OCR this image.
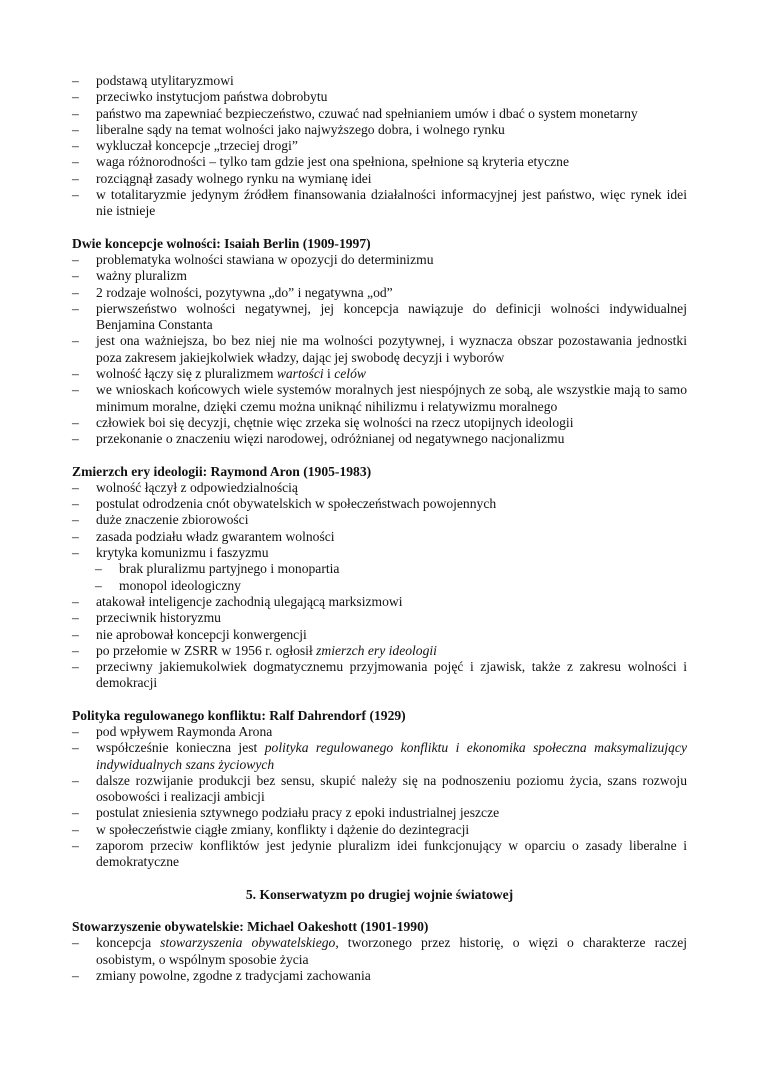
– podstawą utylitaryzmowi
– przeciwko instytucjom państwa dobrobytu
– państwo ma zapewniać bezpieczeństwo, czuwać nad spełnianiem umów i dbać o system monetarny
– liberalne sądy na temat wolności jako najwyższego dobra, i wolnego rynku
– wykluczał koncepcje „trzeciej drogi”
– waga różnorodności – tylko tam gdzie jest ona spełniona, spełnione są kryteria etyczne
– rozciągnął zasady wolnego rynku na wymianę idei
– w totalitaryzmie jedynym źródłem finansowania działalności informacyjnej jest państwo, więc rynek idei nie istnieje
Dwie koncepcje wolności: Isaiah Berlin (1909-1997)
– problematyka wolności stawiana w opozycji do determinizmu
– ważny pluralizm
– 2 rodzaje wolności, pozytywna „do” i negatywna „od”
– pierwszeństwo wolności negatywnej, jej koncepcja nawiązuje do definicji wolności indywidualnej Benjamina Constanta
– jest ona ważniejsza, bo bez niej nie ma wolności pozytywnej, i wyznacza obszar pozostawania jednostki poza zakresem jakiejkolwiek władzy, dając jej swobodę decyzji i wyborów
– wolność łączy się z pluralizmem wartości i celów
– we wnioskach końcowych wiele systemów moralnych jest niespójnych ze sobą, ale wszystkie mają to samo minimum moralne, dzięki czemu można uniknąć nihilizmu i relatywizmu moralnego
– człowiek boi się decyzji, chętnie więc zrzeka się wolności na rzecz utopijnych ideologii
– przekonanie o znaczeniu więzi narodowej, odróżnianej od negatywnego nacjonalizmu
Zmierzch ery ideologii: Raymond Aron (1905-1983)
– wolność łączył z odpowiedzialnością
– postulat odrodzenia cnót obywatelskich w społeczeństwach powojennych
– duże znaczenie zbiorowości
– zasada podziału władz gwarantem wolności
– krytyka komunizmu i faszyzmu
– brak pluralizmu partyjnego i monopartia
– monopol ideologiczny
– atakował inteligencje zachodnią ulegającą marksizmowi
– przeciwnik historyzmu
– nie aprobował koncepcji konwergencji
– po przełomie w ZSRR w 1956 r. ogłosił zmierzch ery ideologii
– przeciwny jakiemukolwiek dogmatycznemu przyjmowania pojęć i zjawisk, także z zakresu wolności i demokracji
Polityka regulowanego konfliktu: Ralf Dahrendorf (1929)
– pod wpływem Raymonda Arona
– współcześnie konieczna jest polityka regulowanego konfliktu i ekonomika społeczna maksymalizujący indywidualnych szans życiowych
– dalsze rozwijanie produkcji bez sensu, skupić należy się na podnoszeniu poziomu życia, szans rozwoju osobowości i realizacji ambicji
– postulat zniesienia sztywnego podziału pracy z epoki industrialnej jeszcze
– w społeczeństwie ciągłe zmiany, konflikty i dążenie do dezintegracji
– zaporom przeciw konfliktów jest jedynie pluralizm idei funkcjonujący w oparciu o zasady liberalne i demokratyczne
5. Konserwatyzm po drugiej wojnie światowej
Stowarzyszenie obywatelskie: Michael Oakeshott (1901-1990)
– koncepcja stowarzyszenia obywatelskiego, tworzonego przez historię, o więzi o charakterze raczej osobistym, o wspólnym sposobie życia
– zmiany powolne, zgodne z tradycjami zachowania
